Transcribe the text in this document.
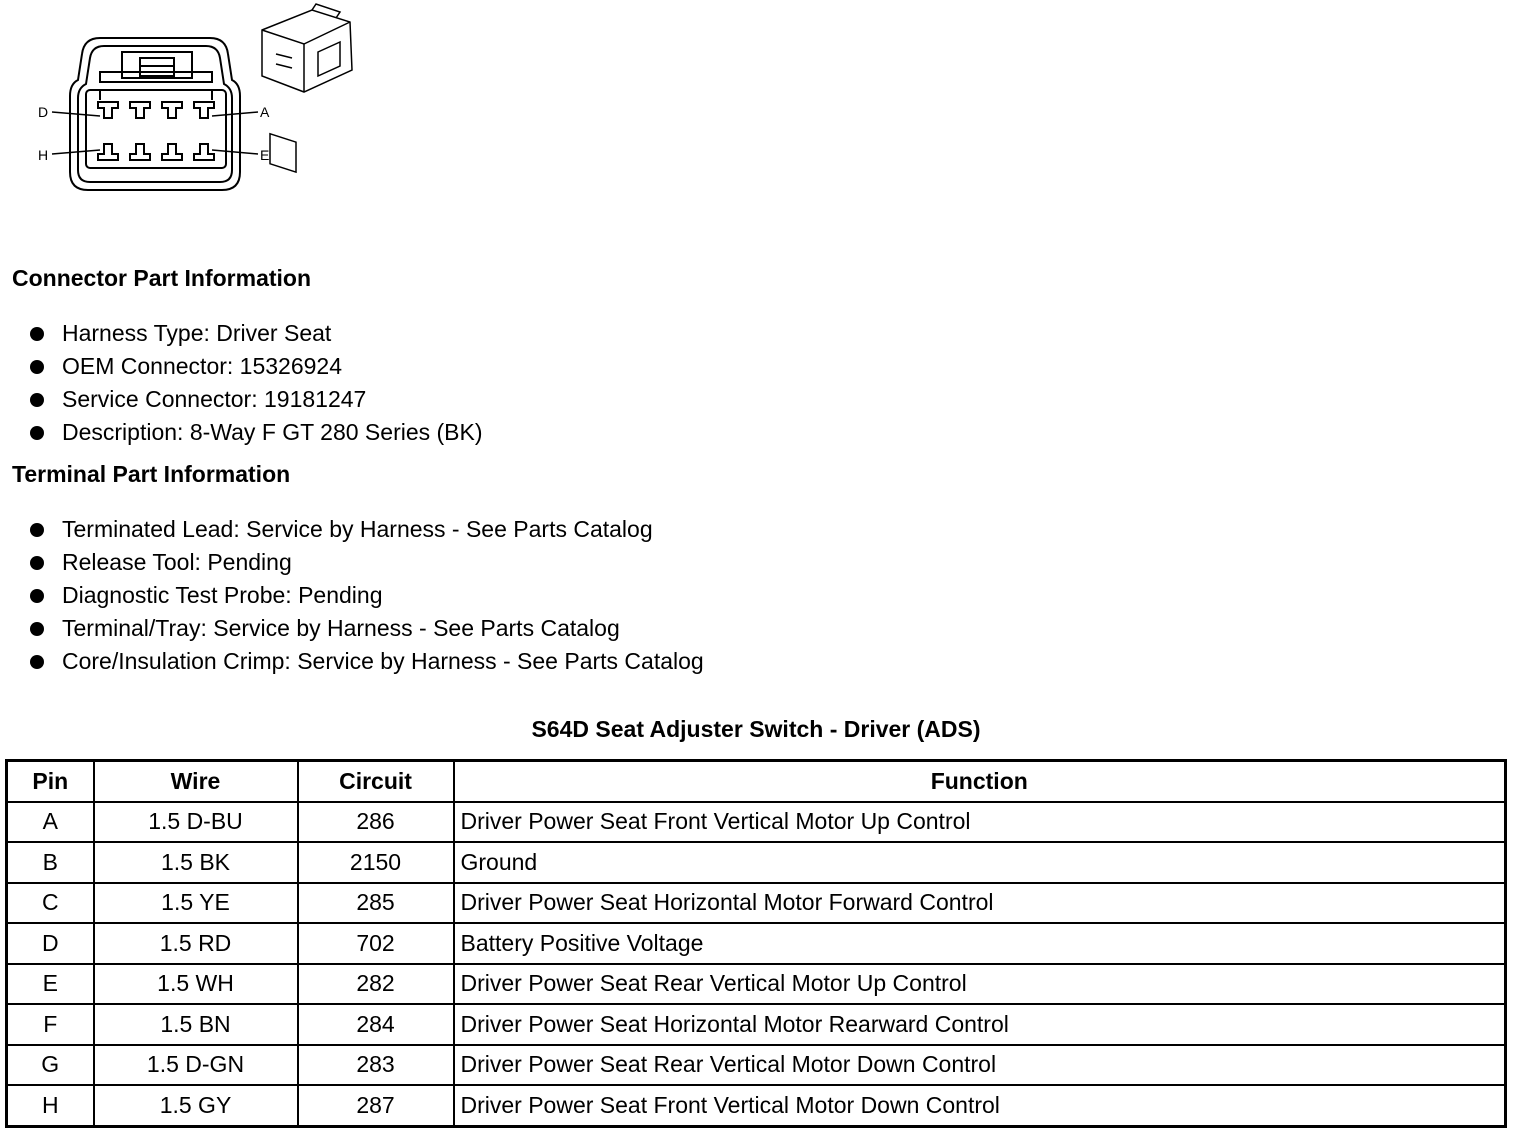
D	A
H	E
Connector Part Information
Harness Type: Driver Seat
OEM Connector: 15326924
Service Connector: 19181247
Description: 8-Way F GT 280 Series (BK)
Terminal Part Information
Terminated Lead: Service by Harness - See Parts Catalog
Release Tool: Pending
Diagnostic Test Probe: Pending
Terminal/Tray: Service by Harness - See Parts Catalog
Core/Insulation Crimp: Service by Harness - See Parts Catalog
S64D Seat Adjuster Switch - Driver (ADS)
Pin	Wire	Circuit	Function
A	1.5 D-BU	286	Driver Power Seat Front Vertical Motor Up Control
B	1.5 BK	2150	Ground
C	1.5 YE	285	Driver Power Seat Horizontal Motor Forward Control
D	1.5 RD	702	Battery Positive Voltage
E	1.5 WH	282	Driver Power Seat Rear Vertical Motor Up Control
F	1.5 BN	284	Driver Power Seat Horizontal Motor Rearward Control
G	1.5 D-GN	283	Driver Power Seat Rear Vertical Motor Down Control
H	1.5 GY	287	Driver Power Seat Front Vertical Motor Down Control
